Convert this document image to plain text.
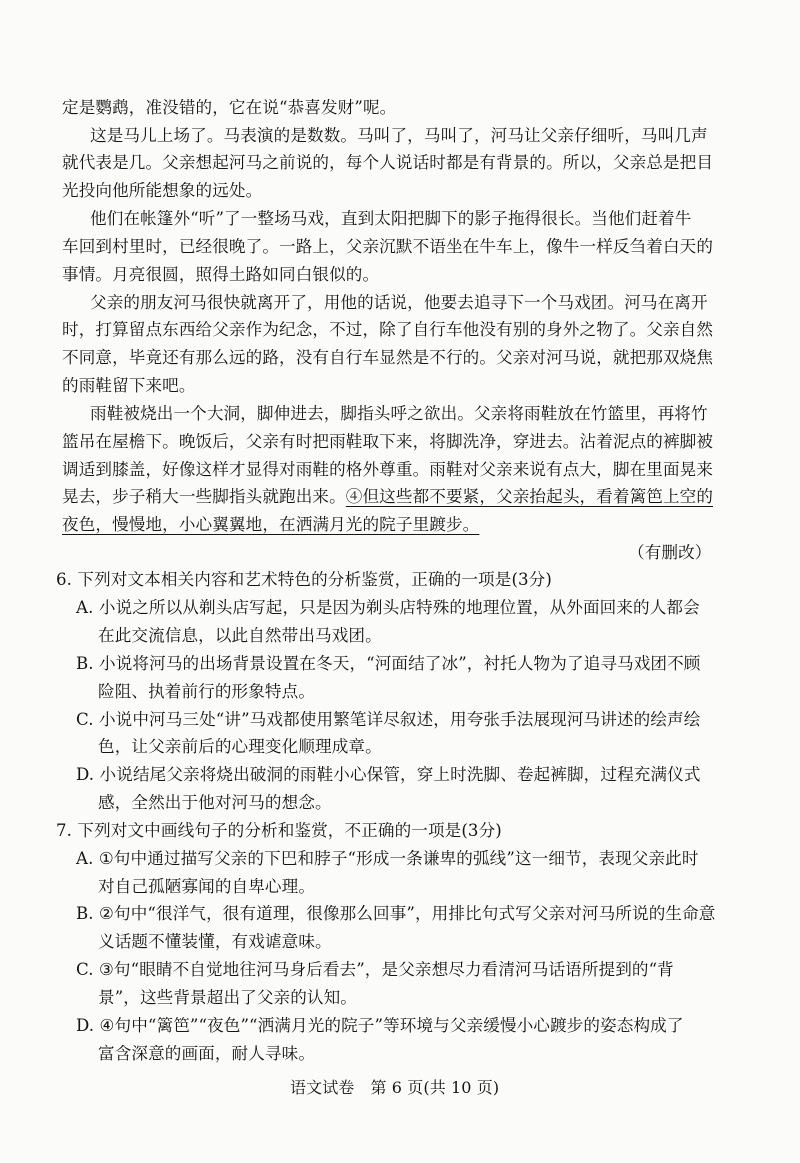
定是鹦鹉，准没错的，它在说“恭喜发财”呢。
这是马儿上场了。马表演的是数数。马叫了，马叫了，河马让父亲仔细听，马叫几声
就代表是几。父亲想起河马之前说的，每个人说话时都是有背景的。所以，父亲总是把目
光投向他所能想象的远处。
他们在帐篷外“听”了一整场马戏，直到太阳把脚下的影子拖得很长。当他们赶着牛
车回到村里时，已经很晚了。一路上，父亲沉默不语坐在牛车上，像牛一样反刍着白天的
事情。月亮很圆，照得土路如同白银似的。
父亲的朋友河马很快就离开了，用他的话说，他要去追寻下一个马戏团。河马在离开
时，打算留点东西给父亲作为纪念，不过，除了自行车他没有别的身外之物了。父亲自然
不同意，毕竟还有那么远的路，没有自行车显然是不行的。父亲对河马说，就把那双烧焦
的雨鞋留下来吧。
雨鞋被烧出一个大洞，脚伸进去，脚指头呼之欲出。父亲将雨鞋放在竹篮里，再将竹
篮吊在屋檐下。晚饭后，父亲有时把雨鞋取下来，将脚洗净，穿进去。沾着泥点的裤脚被
调适到膝盖，好像这样才显得对雨鞋的格外尊重。雨鞋对父亲来说有点大，脚在里面晃来
晃去，步子稍大一些脚指头就跑出来。④但这些都不要紧，父亲抬起头，看着篱笆上空的
夜色，慢慢地，小心翼翼地，在洒满月光的院子里踱步。
（有删改）
6. 下列对文本相关内容和艺术特色的分析鉴赏，正确的一项是(3分)
A. 小说之所以从剃头店写起，只是因为剃头店特殊的地理位置，从外面回来的人都会
在此交流信息，以此自然带出马戏团。
B. 小说将河马的出场背景设置在冬天，“河面结了冰”，衬托人物为了追寻马戏团不顾
险阻、执着前行的形象特点。
C. 小说中河马三处“讲”马戏都使用繁笔详尽叙述，用夸张手法展现河马讲述的绘声绘
色，让父亲前后的心理变化顺理成章。
D. 小说结尾父亲将烧出破洞的雨鞋小心保管，穿上时洗脚、卷起裤脚，过程充满仪式
感，全然出于他对河马的想念。
7. 下列对文中画线句子的分析和鉴赏，不正确的一项是(3分)
A. ①句中通过描写父亲的下巴和脖子“形成一条谦卑的弧线”这一细节，表现父亲此时
对自己孤陋寡闻的自卑心理。
B. ②句中“很洋气，很有道理，很像那么回事”，用排比句式写父亲对河马所说的生命意
义话题不懂装懂，有戏谑意味。
C. ③句“眼睛不自觉地往河马身后看去”，是父亲想尽力看清河马话语所提到的“背
景”，这些背景超出了父亲的认知。
D. ④句中“篱笆”“夜色”“洒满月光的院子”等环境与父亲缓慢小心踱步的姿态构成了
富含深意的画面，耐人寻味。
语文试卷　第 6 页(共 10 页)
